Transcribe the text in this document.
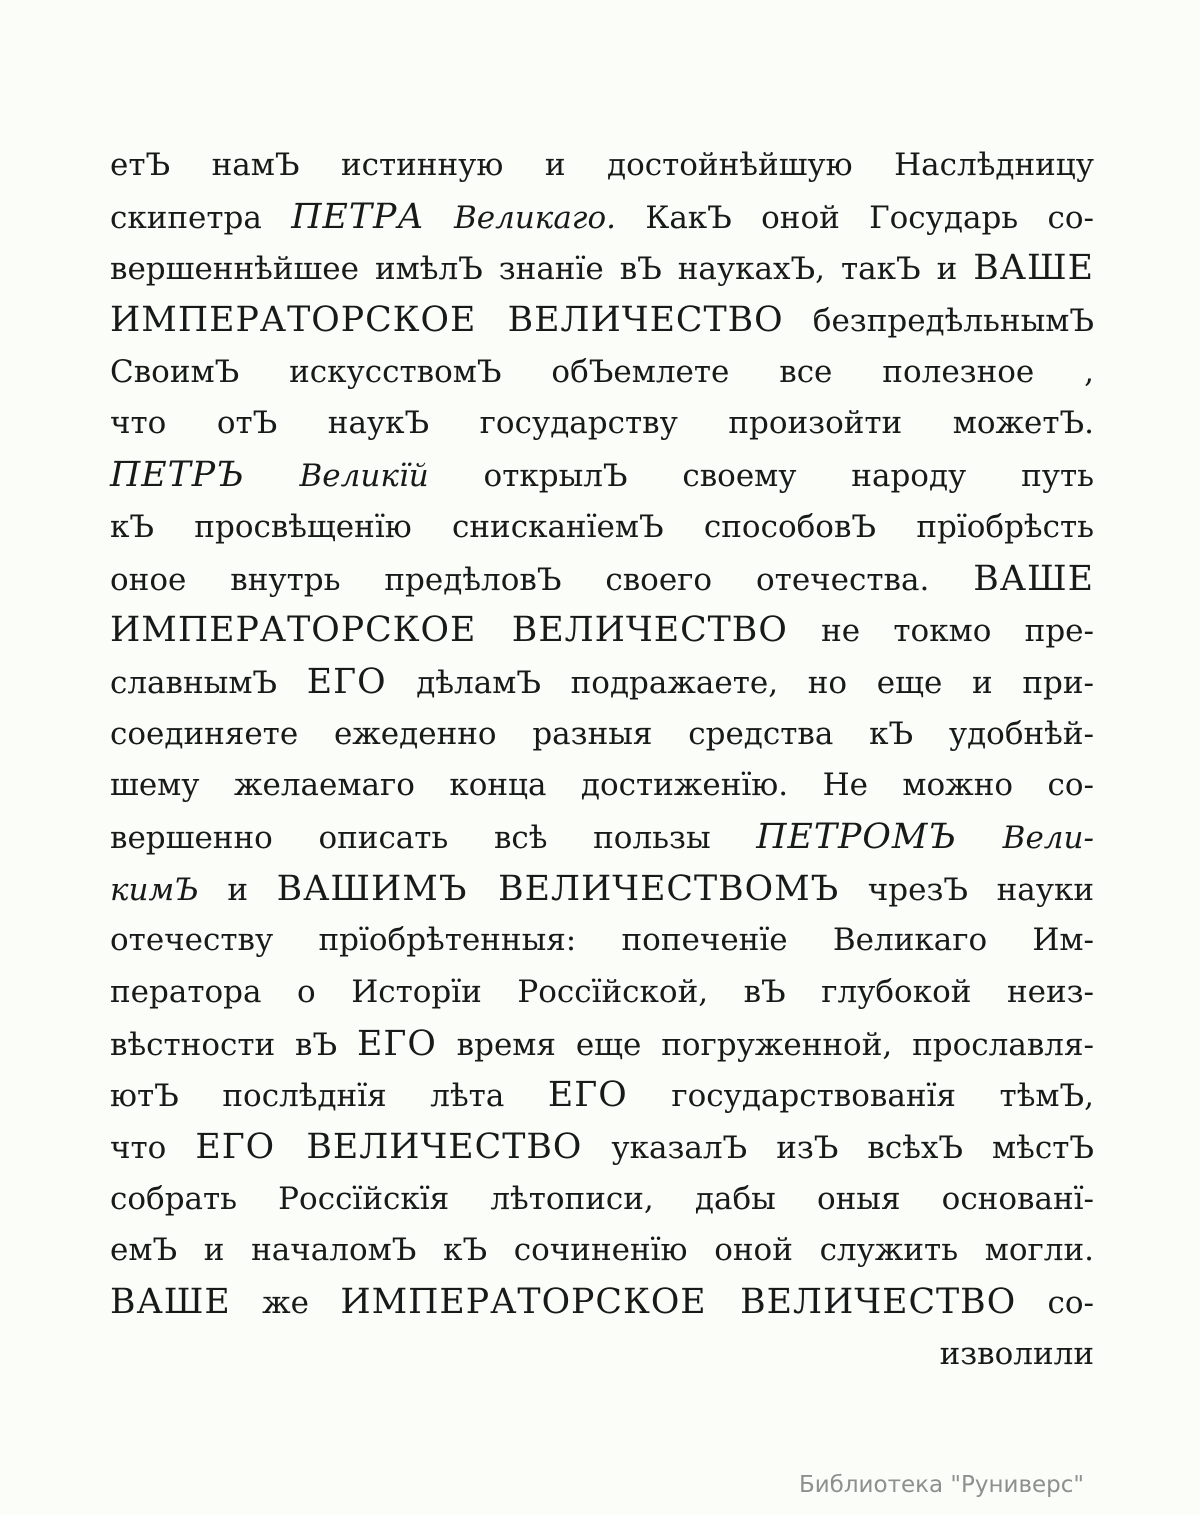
етЪ намЪ истинную и достойнѣйшую Наслѣдницу
скипетра ПЕТРА Великаго. КакЪ оной Государь со-
вершеннѣйшее имѣлЪ знанїе вЪ наукахЪ, такЪ и ВАШЕ
ИМПЕРАТОРСКОЕ ВЕЛИЧЕСТВО безпредѣльнымЪ
СвоимЪ искусствомЪ обЪемлете все полезное ,
что отЪ наукЪ государству произойти можетЪ.
ПЕТРЪ Великїй открылЪ своему народу путь
кЪ просвѣщенїю снисканїемЪ способовЪ прїобрѣсть
оное внутрь предѣловЪ своего отечества. ВАШЕ
ИМПЕРАТОРСКОЕ ВЕЛИЧЕСТВО не токмо пре-
славнымЪ ЕГО дѣламЪ подражаете, но еще и при-
соединяете ежеденно разныя средства кЪ удобнѣй-
шему желаемаго конца достиженїю. Не можно со-
вершенно описать всѣ пользы ПЕТРОМЪ Вели-
кимЪ и ВАШИМЪ ВЕЛИЧЕСТВОМЪ чрезЪ науки
отечеству прїобрѣтенныя: попеченїе Великаго Им-
ператора о Исторїи Россїйской, вЪ глубокой неиз-
вѣстности вЪ ЕГО время еще погруженной, прославля-
ютЪ послѣднїя лѣта ЕГО государствованїя тѣмЪ,
что ЕГО ВЕЛИЧЕСТВО указалЪ изЪ всѣхЪ мѣстЪ
собрать Россїйскїя лѣтописи, дабы оныя основанї-
емЪ и началомЪ кЪ сочиненїю оной служить могли.
ВАШЕ же ИМПЕРАТОРСКОЕ ВЕЛИЧЕСТВО со-
изволили
Библиотека "Руниверс"
